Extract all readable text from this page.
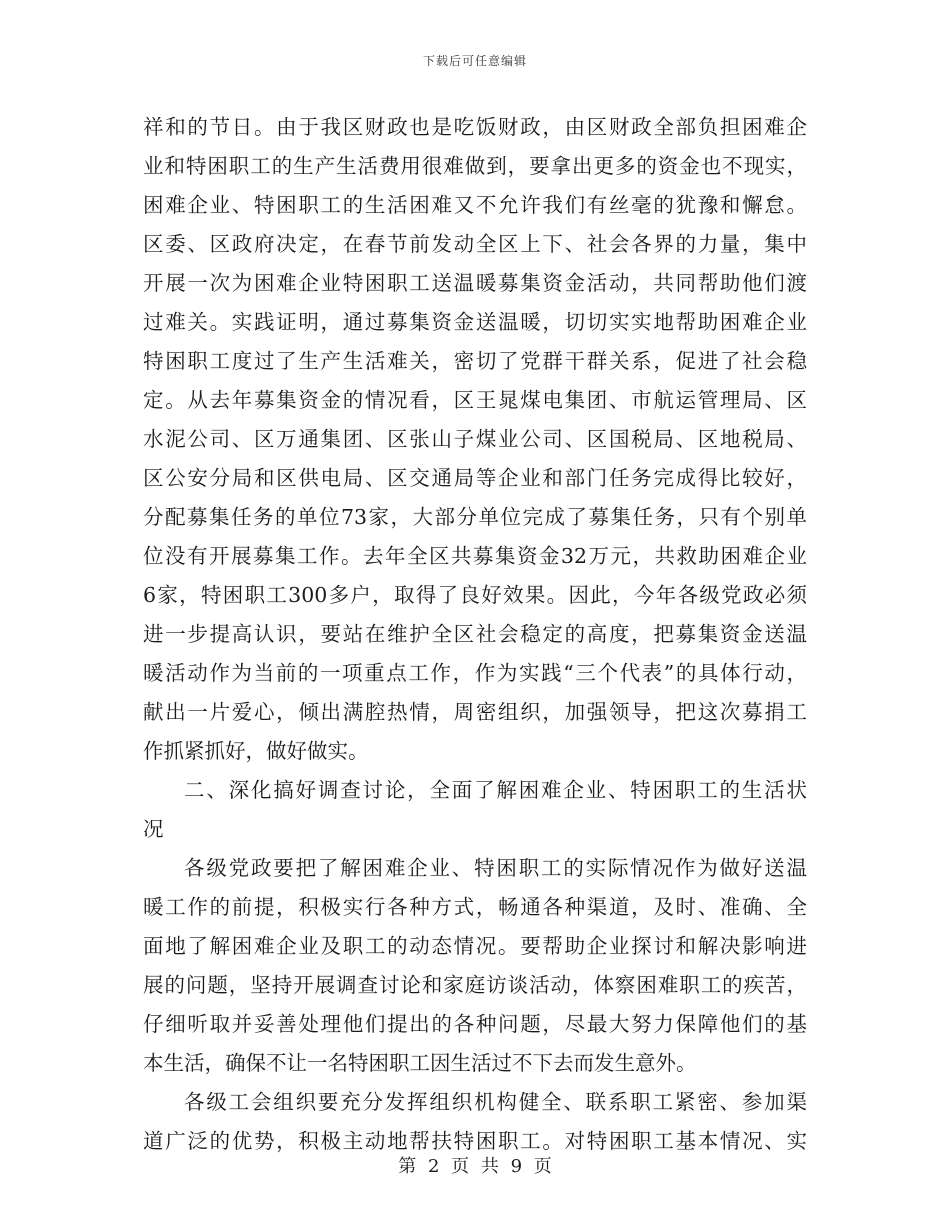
下载后可任意编辑
祥和的节日。由于我区财政也是吃饭财政，由区财政全部负担困难企
业和特困职工的生产生活费用很难做到，要拿出更多的资金也不现实，
困难企业、特困职工的生活困难又不允许我们有丝毫的犹豫和懈怠。
区委、区政府决定，在春节前发动全区上下、社会各界的力量，集中
开展一次为困难企业特困职工送温暖募集资金活动，共同帮助他们渡
过难关。实践证明，通过募集资金送温暖，切切实实地帮助困难企业
特困职工度过了生产生活难关，密切了党群干群关系，促进了社会稳
定。从去年募集资金的情况看，区王晁煤电集团、市航运管理局、区
水泥公司、区万通集团、区张山子煤业公司、区国税局、区地税局、
区公安分局和区供电局、区交通局等企业和部门任务完成得比较好，
分配募集任务的单位73家，大部分单位完成了募集任务，只有个别单
位没有开展募集工作。去年全区共募集资金32万元，共救助困难企业
6家，特困职工300多户，取得了良好效果。因此，今年各级党政必须
进一步提高认识，要站在维护全区社会稳定的高度，把募集资金送温
暖活动作为当前的一项重点工作，作为实践“三个代表”的具体行动，
献出一片爱心，倾出满腔热情，周密组织，加强领导，把这次募捐工
作抓紧抓好，做好做实。
二、深化搞好调查讨论，全面了解困难企业、特困职工的生活状
况
各级党政要把了解困难企业、特困职工的实际情况作为做好送温
暖工作的前提，积极实行各种方式，畅通各种渠道，及时、准确、全
面地了解困难企业及职工的动态情况。要帮助企业探讨和解决影响进
展的问题，坚持开展调查讨论和家庭访谈活动，体察困难职工的疾苦，
仔细听取并妥善处理他们提出的各种问题，尽最大努力保障他们的基
本生活，确保不让一名特困职工因生活过不下去而发生意外。
各级工会组织要充分发挥组织机构健全、联系职工紧密、参加渠
道广泛的优势，积极主动地帮扶特困职工。对特困职工基本情况、实
第 2 页 共 9 页
